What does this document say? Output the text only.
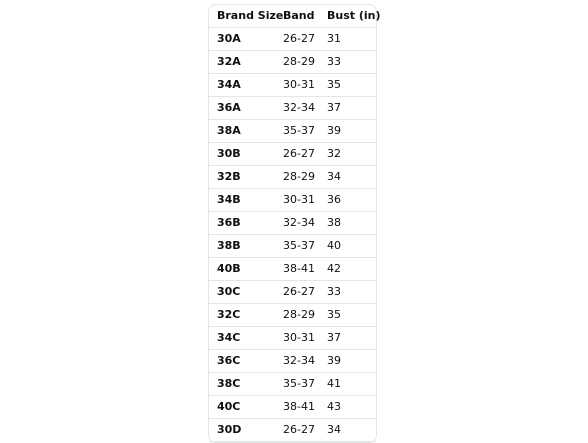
Brand Size	Band	Bust (in)
30A	26-27	31
32A	28-29	33
34A	30-31	35
36A	32-34	37
38A	35-37	39
30B	26-27	32
32B	28-29	34
34B	30-31	36
36B	32-34	38
38B	35-37	40
40B	38-41	42
30C	26-27	33
32C	28-29	35
34C	30-31	37
36C	32-34	39
38C	35-37	41
40C	38-41	43
30D	26-27	34
